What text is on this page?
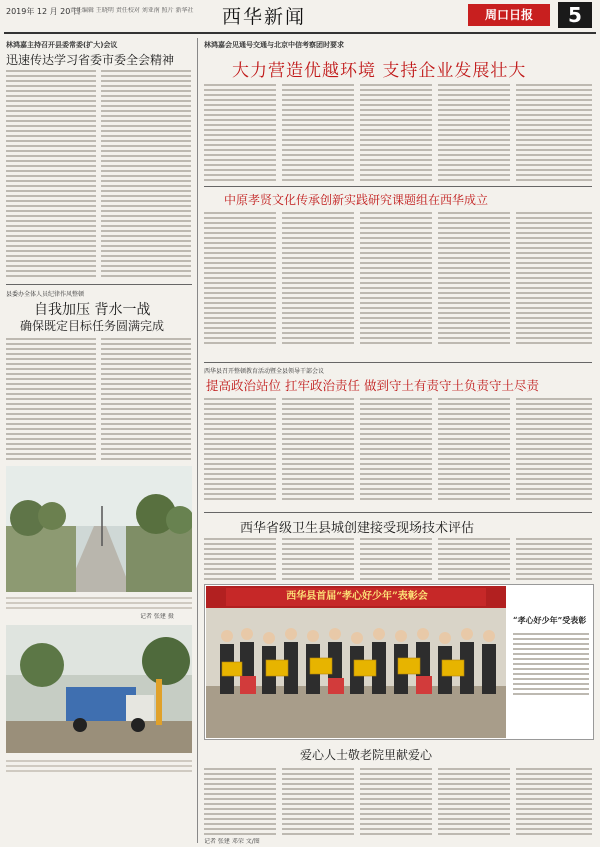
2019年 12 月 20 日
责任编辑 王晓明 责任校对 刘亚南 照片 新华社 西华新闻	周口日报	5
林鸿嘉主持召开县委常委(扩大)会议
迅速传达学习省委市委全会精神
县委办全体人员纪律作风整顿
自我加压 背水一战
确保既定目标任务圆满完成
记者 张建 摄
林鸿嘉会见通号交通与北京中信考察团时要求
大力营造优越环境 支持企业发展壮大
中原孝贤文化传承创新实践研究课题组在西华成立
西华县召开整顿教育活动暨全县领导干部会议
提高政治站位 扛牢政治责任 做到守土有责守土负责守土尽责
西华省级卫生县城创建接受现场技术评估
西华县首届“孝心好少年”表彰会
“孝心好少年”受表彰
爱心人士敬老院里献爱心
记者 张建 邓荣 文/图
